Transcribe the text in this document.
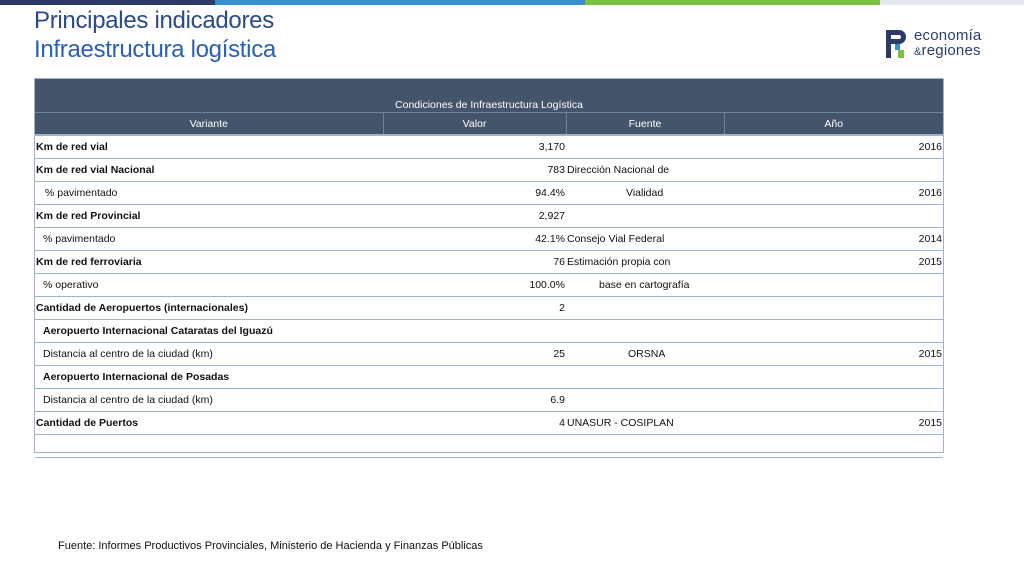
Principales indicadores
Infraestructura logística
economía
&regiones
Condiciones de Infraestructura Logística			
Variante	Valor	Fuente	Año
Km de red vial	3,170		2016
Km de red vial Nacional	783	Dirección Nacional de	
% pavimentado	94.4%	Vialidad	2016
Km de red Provincial	2,927		
% pavimentado	42.1%	Consejo Vial Federal	2014
Km de red ferroviaria	76	Estimación propia con	2015
% operativo	100.0%	base en cartografía	
Cantidad de Aeropuertos (internacionales)	2		
Aeropuerto Internacional Cataratas del Iguazú			
Distancia al centro de la ciudad (km)	25	ORSNA	2015
Aeropuerto Internacional de Posadas			
Distancia al centro de la ciudad (km)	6.9		
Cantidad de Puertos	4	UNASUR - COSIPLAN	2015

Fuente: Informes Productivos Provinciales, Ministerio de Hacienda y Finanzas Públicas
